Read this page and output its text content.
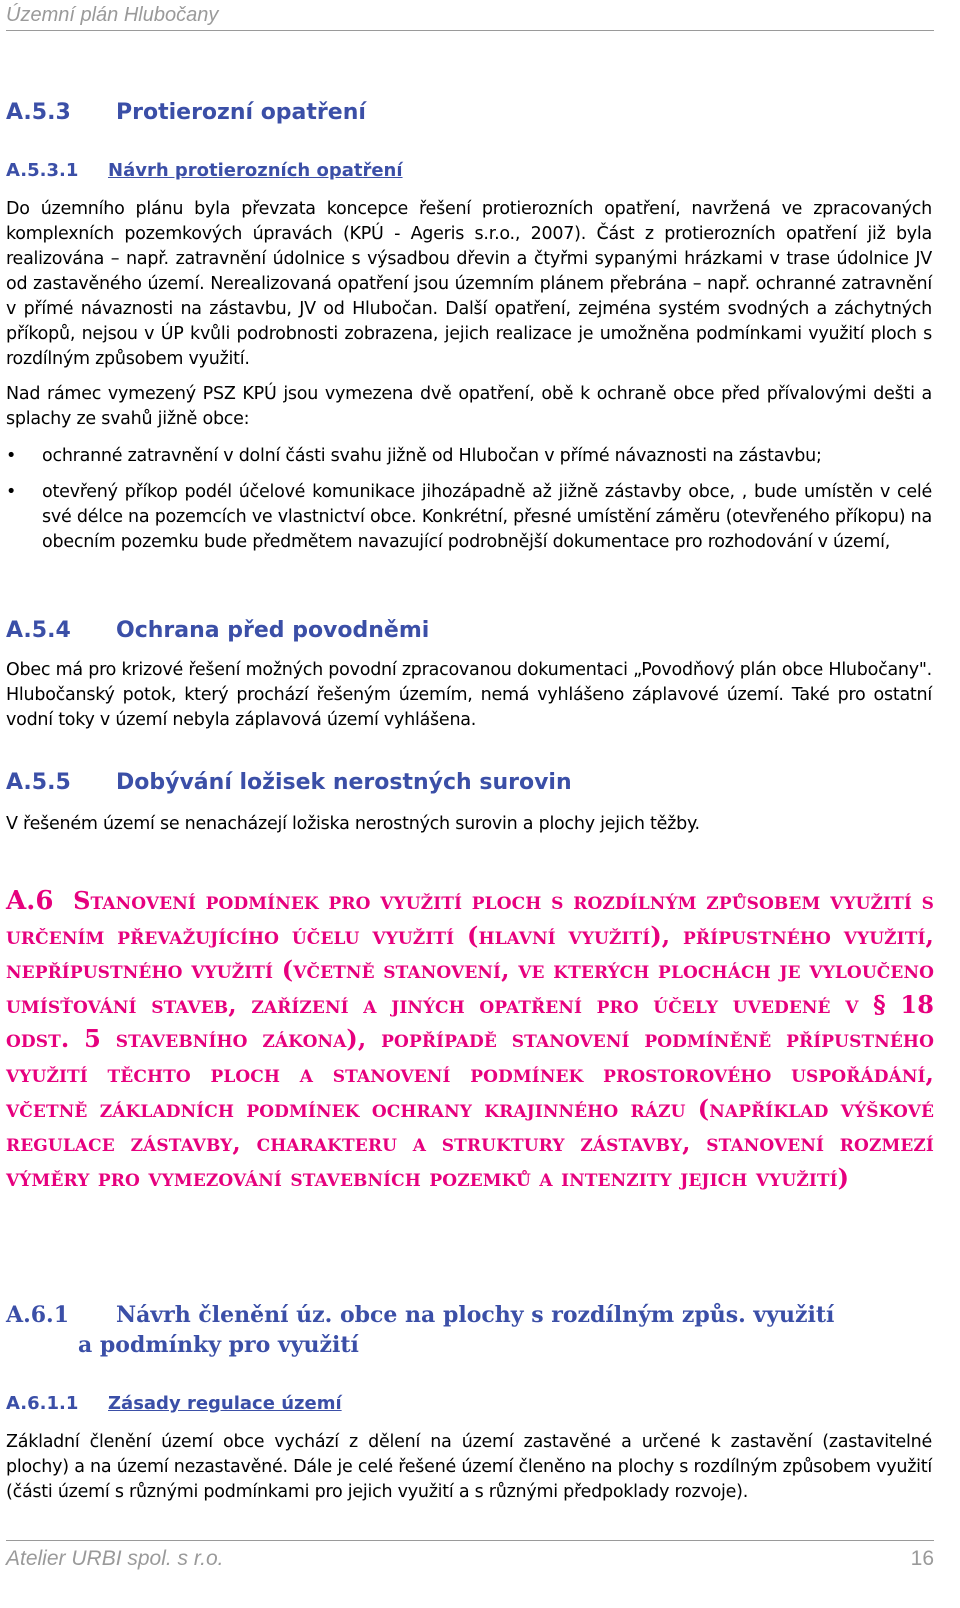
Územní plán Hlubočany
A.5.3 Protierozní opatření
A.5.3.1 Návrh protierozních opatření
Do územního plánu byla převzata koncepce řešení protierozních opatření, navržená ve zpracovaných komplexních pozemkových úpravách (KPÚ - Ageris s.r.o., 2007). Část z protierozních opatření již byla realizována – např. zatravnění údolnice s výsadbou dřevin a čtyřmi sypanými hrázkami v trase údolnice JV od zastavěného území. Nerealizovaná opatření jsou územním plánem přebrána – např. ochranné zatravnění v přímé návaznosti na zástavbu, JV od Hlubočan. Další opatření, zejména systém svodných a záchytných příkopů, nejsou v ÚP kvůli podrobnosti zobrazena, jejich realizace je umožněna podmínkami využití ploch s rozdílným způsobem využití.
Nad rámec vymezený PSZ KPÚ jsou vymezena dvě opatření, obě k ochraně obce před přívalovými dešti a splachy ze svahů jižně obce:
• ochranné zatravnění v dolní části svahu jižně od Hlubočan v přímé návaznosti na zástavbu;
• otevřený příkop podél účelové komunikace jihozápadně až jižně zástavby obce, , bude umístěn v celé své délce na pozemcích ve vlastnictví obce. Konkrétní, přesné umístění záměru (otevřeného příkopu) na obecním pozemku bude předmětem navazující podrobnější dokumentace pro rozhodování v území,
A.5.4 Ochrana před povodněmi
Obec má pro krizové řešení možných povodní zpracovanou dokumentaci „Povodňový plán obce Hlubočany". Hlubočanský potok, který prochází řešeným územím, nemá vyhlášeno záplavové území. Také pro ostatní vodní toky v území nebyla záplavová území vyhlášena.
A.5.5 Dobývání ložisek nerostných surovin
V řešeném území se nenacházejí ložiska nerostných surovin a plochy jejich těžby.
A.6 Stanovení podmínek pro využití ploch s rozdílným způsobem využití s určením převažujícího účelu využití (hlavní využití), přípustného využití, nepřípustného využití (včetně stanovení, ve kterých plochách je vyloučeno umísťování staveb, zařízení a jiných opatření pro účely uvedené v § 18 odst. 5 stavebního zákona), popřípadě stanovení podmíněně přípustného využití těchto ploch a stanovení podmínek prostorového uspořádání, včetně základních podmínek ochrany krajinného rázu (například výškové regulace zástavby, charakteru a struktury zástavby, stanovení rozmezí výměry pro vymezování stavebních pozemků a intenzity jejich využití)
A.6.1 Návrh členění úz. obce na plochy s rozdílným způs. využití
a podmínky pro využití
A.6.1.1 Zásady regulace území
Základní členění území obce vychází z dělení na území zastavěné a určené k zastavění (zastavitelné plochy) a na území nezastavěné. Dále je celé řešené území členěno na plochy s rozdílným způsobem využití (části území s různými podmínkami pro jejich využití a s různými předpoklady rozvoje).
Atelier URBI spol. s r.o.	16
